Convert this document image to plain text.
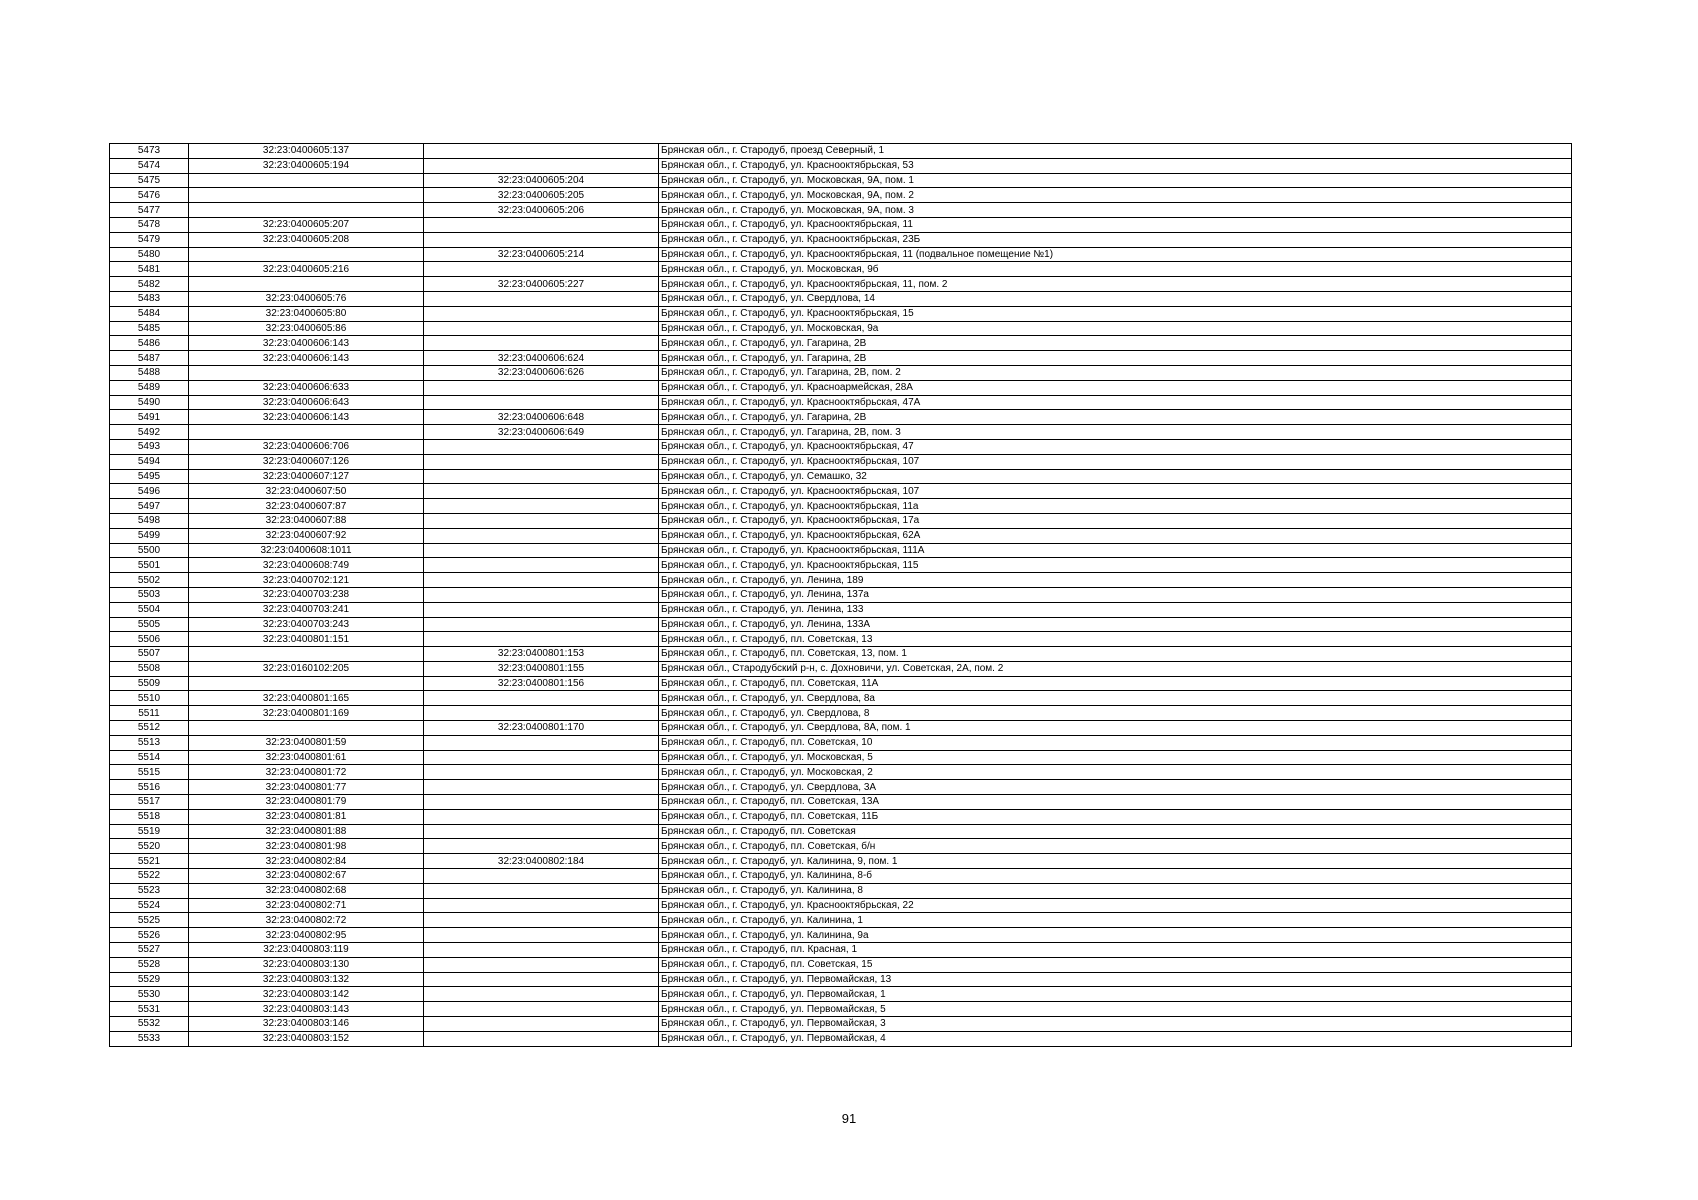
5473	32:23:0400605:137		Брянская обл., г. Стародуб, проезд Северный, 1
5474	32:23:0400605:194		Брянская обл., г. Стародуб, ул. Краснооктябрьская, 53
5475		32:23:0400605:204	Брянская обл., г. Стародуб, ул. Московская, 9А, пом. 1
5476		32:23:0400605:205	Брянская обл., г. Стародуб, ул. Московская, 9А, пом. 2
5477		32:23:0400605:206	Брянская обл., г. Стародуб, ул. Московская, 9А, пом. 3
5478	32:23:0400605:207		Брянская обл., г. Стародуб, ул. Краснооктябрьская, 11
5479	32:23:0400605:208		Брянская обл., г. Стародуб, ул. Краснооктябрьская, 23Б
5480		32:23:0400605:214	Брянская обл., г. Стародуб, ул. Краснооктябрьская, 11 (подвальное помещение №1)
5481	32:23:0400605:216		Брянская обл., г. Стародуб, ул. Московская, 9б
5482		32:23:0400605:227	Брянская обл., г. Стародуб, ул. Краснооктябрьская, 11, пом. 2
5483	32:23:0400605:76		Брянская обл., г. Стародуб, ул. Свердлова, 14
5484	32:23:0400605:80		Брянская обл., г. Стародуб, ул. Краснооктябрьская, 15
5485	32:23:0400605:86		Брянская обл., г. Стародуб, ул. Московская, 9а
5486	32:23:0400606:143		Брянская обл., г. Стародуб, ул. Гагарина, 2В
5487	32:23:0400606:143	32:23:0400606:624	Брянская обл., г. Стародуб, ул. Гагарина, 2В
5488		32:23:0400606:626	Брянская обл., г. Стародуб, ул. Гагарина, 2В, пом. 2
5489	32:23:0400606:633		Брянская обл., г. Стародуб, ул. Красноармейская, 28А
5490	32:23:0400606:643		Брянская обл., г. Стародуб, ул. Краснооктябрьская, 47А
5491	32:23:0400606:143	32:23:0400606:648	Брянская обл., г. Стародуб, ул. Гагарина, 2В
5492		32:23:0400606:649	Брянская обл., г. Стародуб, ул. Гагарина, 2В, пом. 3
5493	32:23:0400606:706		Брянская обл., г. Стародуб, ул. Краснооктябрьская, 47
5494	32:23:0400607:126		Брянская обл., г. Стародуб, ул. Краснооктябрьская, 107
5495	32:23:0400607:127		Брянская обл., г. Стародуб, ул. Семашко, 32
5496	32:23:0400607:50		Брянская обл., г. Стародуб, ул. Краснооктябрьская, 107
5497	32:23:0400607:87		Брянская обл., г. Стародуб, ул. Краснооктябрьская, 11а
5498	32:23:0400607:88		Брянская обл., г. Стародуб, ул. Краснооктябрьская, 17а
5499	32:23:0400607:92		Брянская обл., г. Стародуб, ул. Краснооктябрьская, 62А
5500	32:23:0400608:1011		Брянская обл., г. Стародуб, ул. Краснооктябрьская, 111А
5501	32:23:0400608:749		Брянская обл., г. Стародуб, ул. Краснооктябрьская, 115
5502	32:23:0400702:121		Брянская обл., г. Стародуб, ул. Ленина, 189
5503	32:23:0400703:238		Брянская обл., г. Стародуб, ул. Ленина, 137а
5504	32:23:0400703:241		Брянская обл., г. Стародуб, ул. Ленина, 133
5505	32:23:0400703:243		Брянская обл., г. Стародуб, ул. Ленина, 133А
5506	32:23:0400801:151		Брянская обл., г. Стародуб, пл. Советская, 13
5507		32:23:0400801:153	Брянская обл., г. Стародуб, пл. Советская, 13, пом. 1
5508	32:23:0160102:205	32:23:0400801:155	Брянская обл., Стародубский р-н, с. Дохновичи, ул. Советская, 2А, пом. 2
5509		32:23:0400801:156	Брянская обл., г. Стародуб, пл. Советская, 11А
5510	32:23:0400801:165		Брянская обл., г. Стародуб, ул. Свердлова, 8а
5511	32:23:0400801:169		Брянская обл., г. Стародуб, ул. Свердлова, 8
5512		32:23:0400801:170	Брянская обл., г. Стародуб, ул. Свердлова, 8А, пом. 1
5513	32:23:0400801:59		Брянская обл., г. Стародуб, пл. Советская, 10
5514	32:23:0400801:61		Брянская обл., г. Стародуб, ул. Московская, 5
5515	32:23:0400801:72		Брянская обл., г. Стародуб, ул. Московская, 2
5516	32:23:0400801:77		Брянская обл., г. Стародуб, ул. Свердлова, 3А
5517	32:23:0400801:79		Брянская обл., г. Стародуб, пл. Советская, 13А
5518	32:23:0400801:81		Брянская обл., г. Стародуб, пл. Советская, 11Б
5519	32:23:0400801:88		Брянская обл., г. Стародуб, пл. Советская
5520	32:23:0400801:98		Брянская обл., г. Стародуб, пл. Советская, б/н
5521	32:23:0400802:84	32:23:0400802:184	Брянская обл., г. Стародуб, ул. Калинина, 9, пом. 1
5522	32:23:0400802:67		Брянская обл., г. Стародуб, ул. Калинина, 8-б
5523	32:23:0400802:68		Брянская обл., г. Стародуб, ул. Калинина, 8
5524	32:23:0400802:71		Брянская обл., г. Стародуб, ул. Краснооктябрьская, 22
5525	32:23:0400802:72		Брянская обл., г. Стародуб, ул. Калинина, 1
5526	32:23:0400802:95		Брянская обл., г. Стародуб, ул. Калинина, 9а
5527	32:23:0400803:119		Брянская обл., г. Стародуб, пл. Красная, 1
5528	32:23:0400803:130		Брянская обл., г. Стародуб, пл. Советская, 15
5529	32:23:0400803:132		Брянская обл., г. Стародуб, ул. Первомайская, 13
5530	32:23:0400803:142		Брянская обл., г. Стародуб, ул. Первомайская, 1
5531	32:23:0400803:143		Брянская обл., г. Стародуб, ул. Первомайская, 5
5532	32:23:0400803:146		Брянская обл., г. Стародуб, ул. Первомайская, 3
5533	32:23:0400803:152		Брянская обл., г. Стародуб, ул. Первомайская, 4
91
